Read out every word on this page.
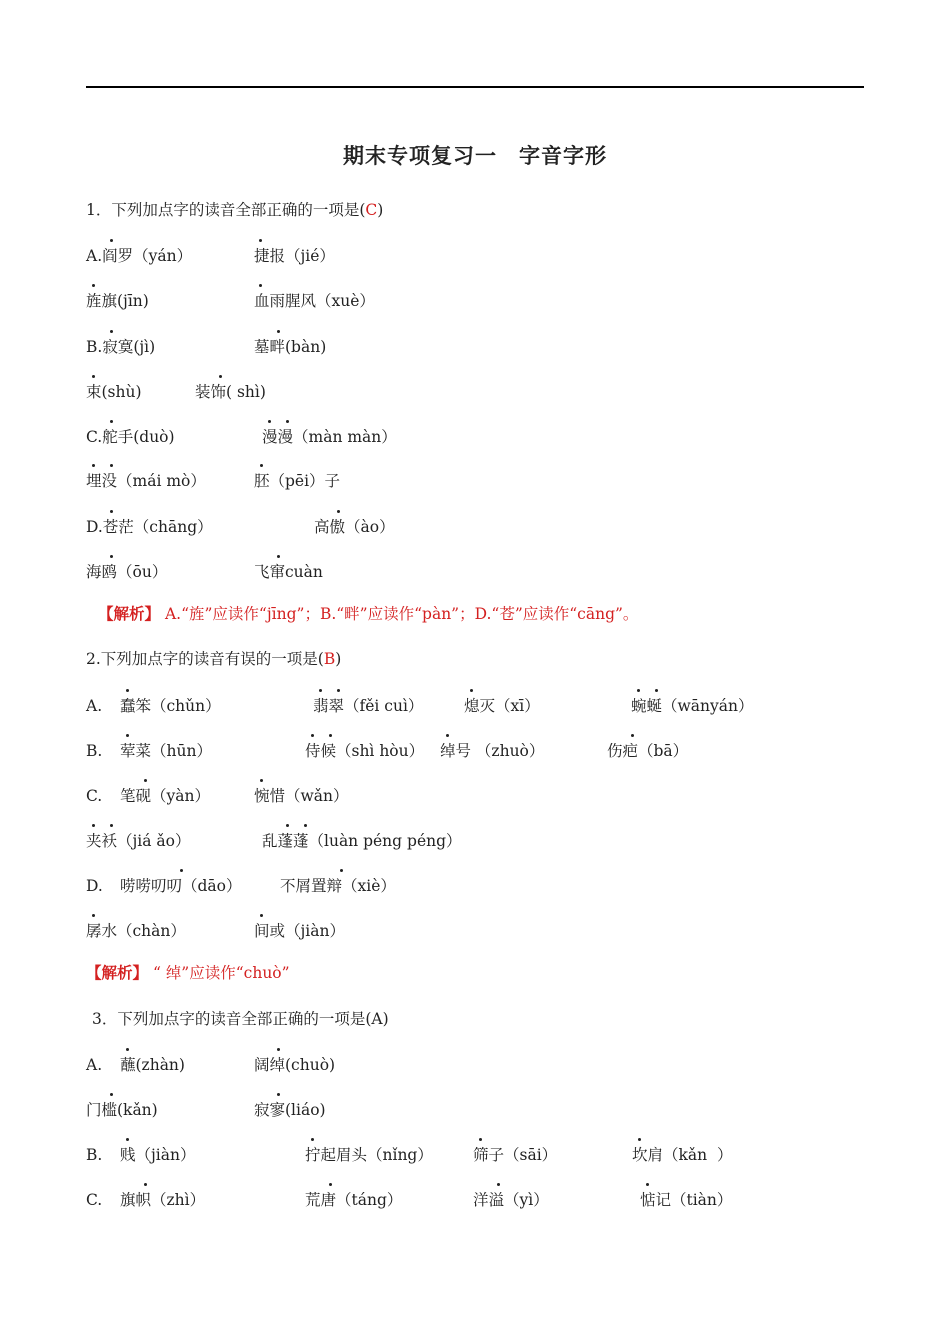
期末专项复习一　字音字形
1．下列加点字的读音全部正确的一项是(C)
A.阎罗（yán）	捷报（jié）
旌旗(jīn)	血雨腥风（xuè）
B.寂寞(jì)	墓畔(bàn)
束(shù)	装饰( shì)
C.舵手(duò)	漫漫（màn màn）
埋没（mái mò）	胚（pēi）子
D.苍茫（chāng）	高傲（ào）
海鸥（ōu）	飞窜cuàn
【解析】 A.“旌”应读作“jīng”；B.“畔”应读作“pàn”；D.“苍”应读作“cāng”。
2.下列加点字的读音有误的一项是(B)
A. 蠢笨（chǔn）	翡翠（fěi cuì）	熄灭（xī）	蜿蜒（wānyán）
B. 荤菜（hūn）	侍候（shì hòu） 绰号 （zhuò）	伤疤（bā）
C. 笔砚（yàn）	惋惜（wǎn）
夹袄（jiá ǎo）	乱蓬蓬（luàn péng péng）
D. 唠唠叨叨（dāo） 不屑置辩（xiè）
孱水（chàn）	间或（jiàn）
【解析】 “ 绰”应读作“chuò”
3．下列加点字的读音全部正确的一项是(A)
A. 蘸(zhàn)	阔绰(chuò)
门槛(kǎn)	寂寥(liáo)
B. 贱（jiàn）	拧起眉头（nǐng）	筛子（sāi）	坎肩（kǎn  ）
C. 旗帜（zhì）	荒唐（táng）	洋溢（yì）	惦记（tiàn）
